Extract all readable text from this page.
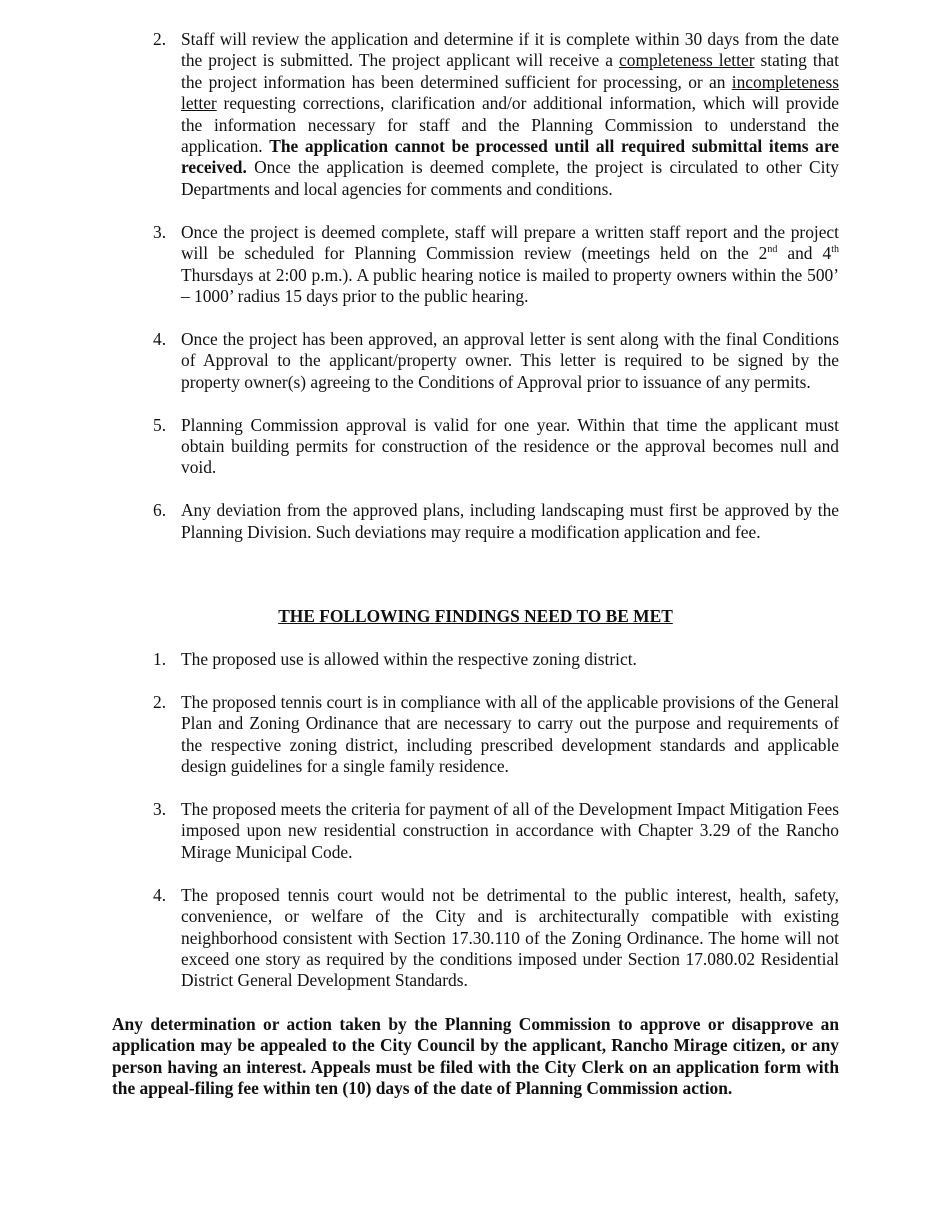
2. Staff will review the application and determine if it is complete within 30 days from the date the project is submitted. The project applicant will receive a completeness letter stating that the project information has been determined sufficient for processing, or an incompleteness letter requesting corrections, clarification and/or additional information, which will provide the information necessary for staff and the Planning Commission to understand the application. The application cannot be processed until all required submittal items are received. Once the application is deemed complete, the project is circulated to other City Departments and local agencies for comments and conditions.
3. Once the project is deemed complete, staff will prepare a written staff report and the project will be scheduled for Planning Commission review (meetings held on the 2nd and 4th Thursdays at 2:00 p.m.). A public hearing notice is mailed to property owners within the 500’ – 1000’ radius 15 days prior to the public hearing.
4. Once the project has been approved, an approval letter is sent along with the final Conditions of Approval to the applicant/property owner. This letter is required to be signed by the property owner(s) agreeing to the Conditions of Approval prior to issuance of any permits.
5. Planning Commission approval is valid for one year. Within that time the applicant must obtain building permits for construction of the residence or the approval becomes null and void.
6. Any deviation from the approved plans, including landscaping must first be approved by the Planning Division. Such deviations may require a modification application and fee.
THE FOLLOWING FINDINGS NEED TO BE MET
1. The proposed use is allowed within the respective zoning district.
2. The proposed tennis court is in compliance with all of the applicable provisions of the General Plan and Zoning Ordinance that are necessary to carry out the purpose and requirements of the respective zoning district, including prescribed development standards and applicable design guidelines for a single family residence.
3. The proposed meets the criteria for payment of all of the Development Impact Mitigation Fees imposed upon new residential construction in accordance with Chapter 3.29 of the Rancho Mirage Municipal Code.
4. The proposed tennis court would not be detrimental to the public interest, health, safety, convenience, or welfare of the City and is architecturally compatible with existing neighborhood consistent with Section 17.30.110 of the Zoning Ordinance. The home will not exceed one story as required by the conditions imposed under Section 17.080.02 Residential District General Development Standards.
Any determination or action taken by the Planning Commission to approve or disapprove an application may be appealed to the City Council by the applicant, Rancho Mirage citizen, or any person having an interest. Appeals must be filed with the City Clerk on an application form with the appeal-filing fee within ten (10) days of the date of Planning Commission action.
